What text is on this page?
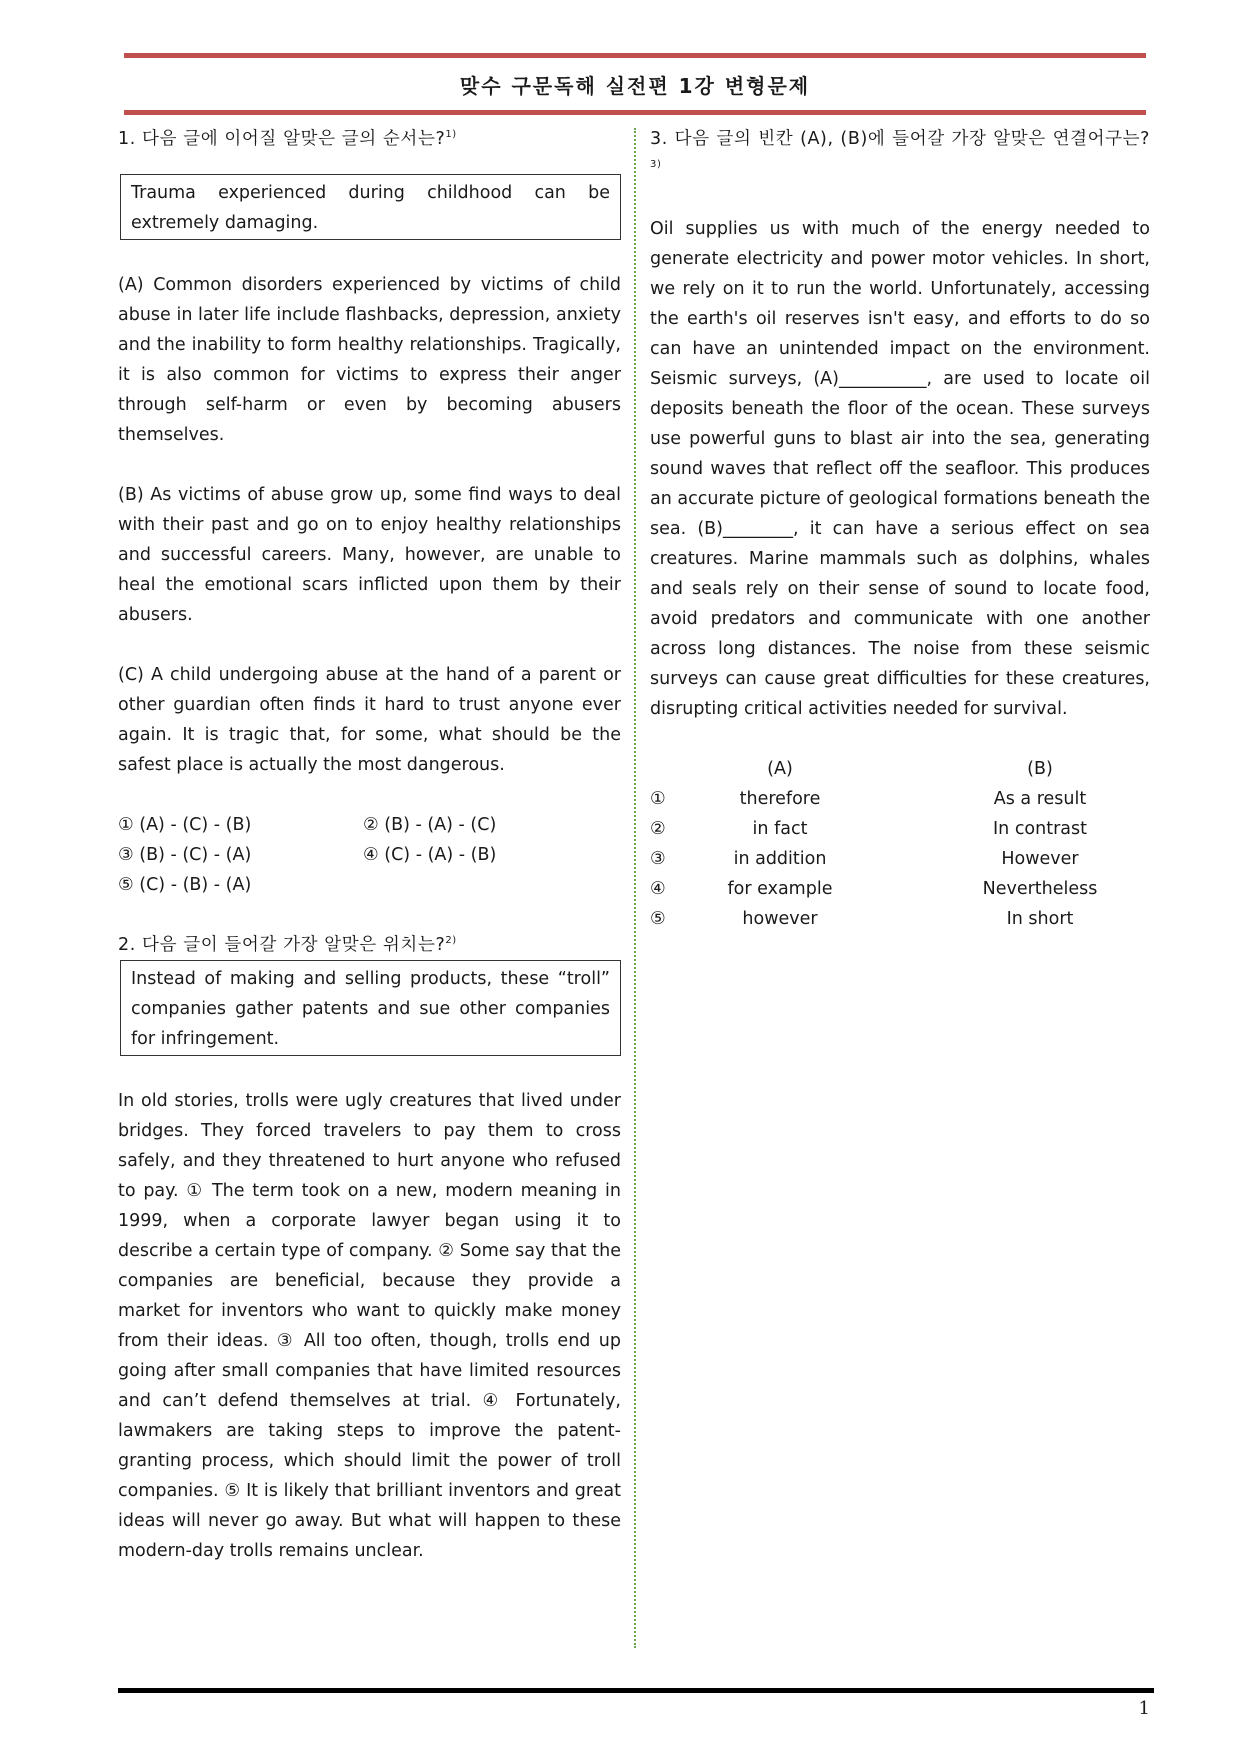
맞수 구문독해 실전편 1강 변형문제
1. 다음 글에 이어질 알맞은 글의 순서는?$^{1)}$
Trauma experienced during childhood can be extremely damaging.
(A) Common disorders experienced by victims of child abuse in later life include flashbacks, depression, anxiety and the inability to form healthy relationships. Tragically, it is also common for victims to express their anger through self-harm or even by becoming abusers themselves.
(B) As victims of abuse grow up, some find ways to deal with their past and go on to enjoy healthy relationships and successful careers. Many, however, are unable to heal the emotional scars inflicted upon them by their abusers.
(C) A child undergoing abuse at the hand of a parent or other guardian often finds it hard to trust anyone ever again. It is tragic that, for some, what should be the safest place is actually the most dangerous.
① (A) - (C) - (B)	② (B) - (A) - (C)
③ (B) - (C) - (A)	④ (C) - (A) - (B)
⑤ (C) - (B) - (A)
2. 다음 글이 들어갈 가장 알맞은 위치는?$^{2)}$
Instead of making and selling products, these “troll” companies gather patents and sue other companies for infringement.
In old stories, trolls were ugly creatures that lived under bridges. They forced travelers to pay them to cross safely, and they threatened to hurt anyone who refused to pay. ① The term took on a new, modern meaning in 1999, when a corporate lawyer began using it to describe a certain type of company. ② Some say that the companies are beneficial, because they provide a market for inventors who want to quickly make money from their ideas. ③ All too often, though, trolls end up going after small companies that have limited resources and can’t defend themselves at trial. ④ Fortunately, lawmakers are taking steps to improve the patent-granting process, which should limit the power of troll companies. ⑤ It is likely that brilliant inventors and great ideas will never go away. But what will happen to these modern-day trolls remains unclear.
3. 다음 글의 빈칸 (A), (B)에 들어갈 가장 알맞은 연결어구는?$^{3)}$
Oil supplies us with much of the energy needed to generate electricity and power motor vehicles. In short, we rely on it to run the world. Unfortunately, accessing the earth's oil reserves isn't easy, and efforts to do so can have an unintended impact on the environment. Seismic surveys, (A)__________, are used to locate oil deposits beneath the floor of the ocean. These surveys use powerful guns to blast air into the sea, generating sound waves that reflect off the seafloor. This produces an accurate picture of geological formations beneath the sea. (B)________, it can have a serious effect on sea creatures. Marine mammals such as dolphins, whales and seals rely on their sense of sound to locate food, avoid predators and communicate with one another across long distances. The noise from these seismic surveys can cause great difficulties for these creatures, disrupting critical activities needed for survival.
	(A)	(B)
①	therefore	As a result
②	in fact	In contrast
③	in addition	However
④	for example	Nevertheless
⑤	however	In short
1
